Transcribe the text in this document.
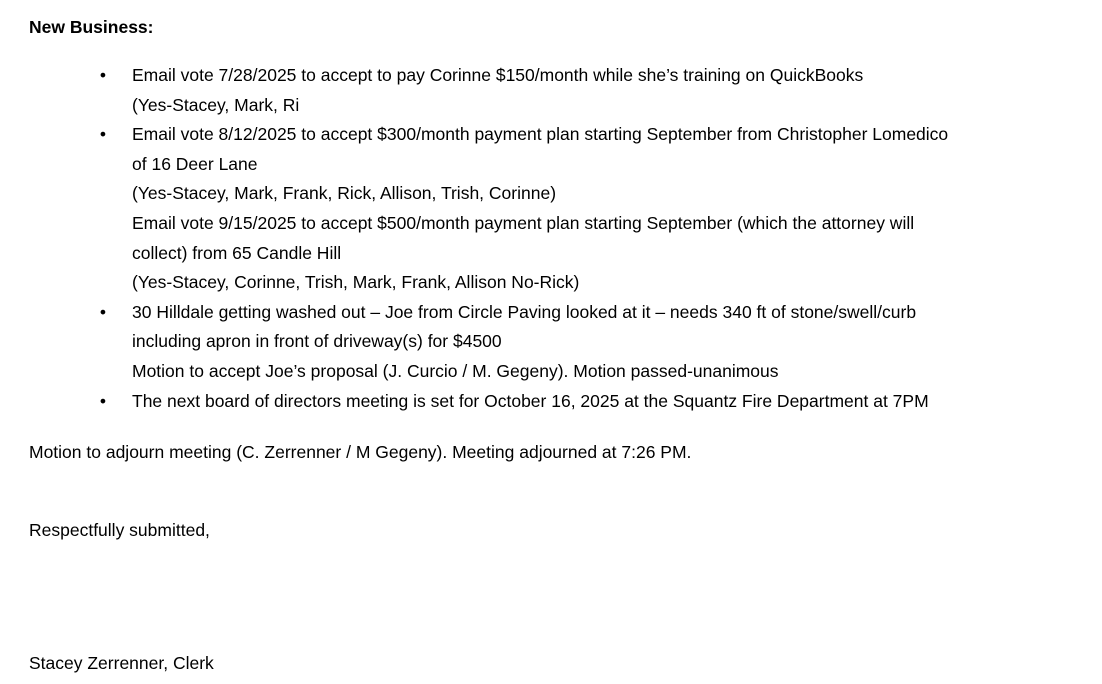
New Business:
• Email vote 7/28/2025 to accept to pay Corinne $150/month while she’s training on QuickBooks
(Yes-Stacey, Mark, Ri
• Email vote 8/12/2025 to accept $300/month payment plan starting September from Christopher Lomedico
of 16 Deer Lane
(Yes-Stacey, Mark, Frank, Rick, Allison, Trish, Corinne)
Email vote 9/15/2025 to accept $500/month payment plan starting September (which the attorney will
collect) from 65 Candle Hill
(Yes-Stacey, Corinne, Trish, Mark, Frank, Allison No-Rick)
• 30 Hilldale getting washed out – Joe from Circle Paving looked at it – needs 340 ft of stone/swell/curb
including apron in front of driveway(s) for $4500
Motion to accept Joe’s proposal (J. Curcio / M. Gegeny). Motion passed-unanimous
• The next board of directors meeting is set for October 16, 2025 at the Squantz Fire Department at 7PM
Motion to adjourn meeting (C. Zerrenner / M Gegeny). Meeting adjourned at 7:26 PM.
Respectfully submitted,
Stacey Zerrenner, Clerk
